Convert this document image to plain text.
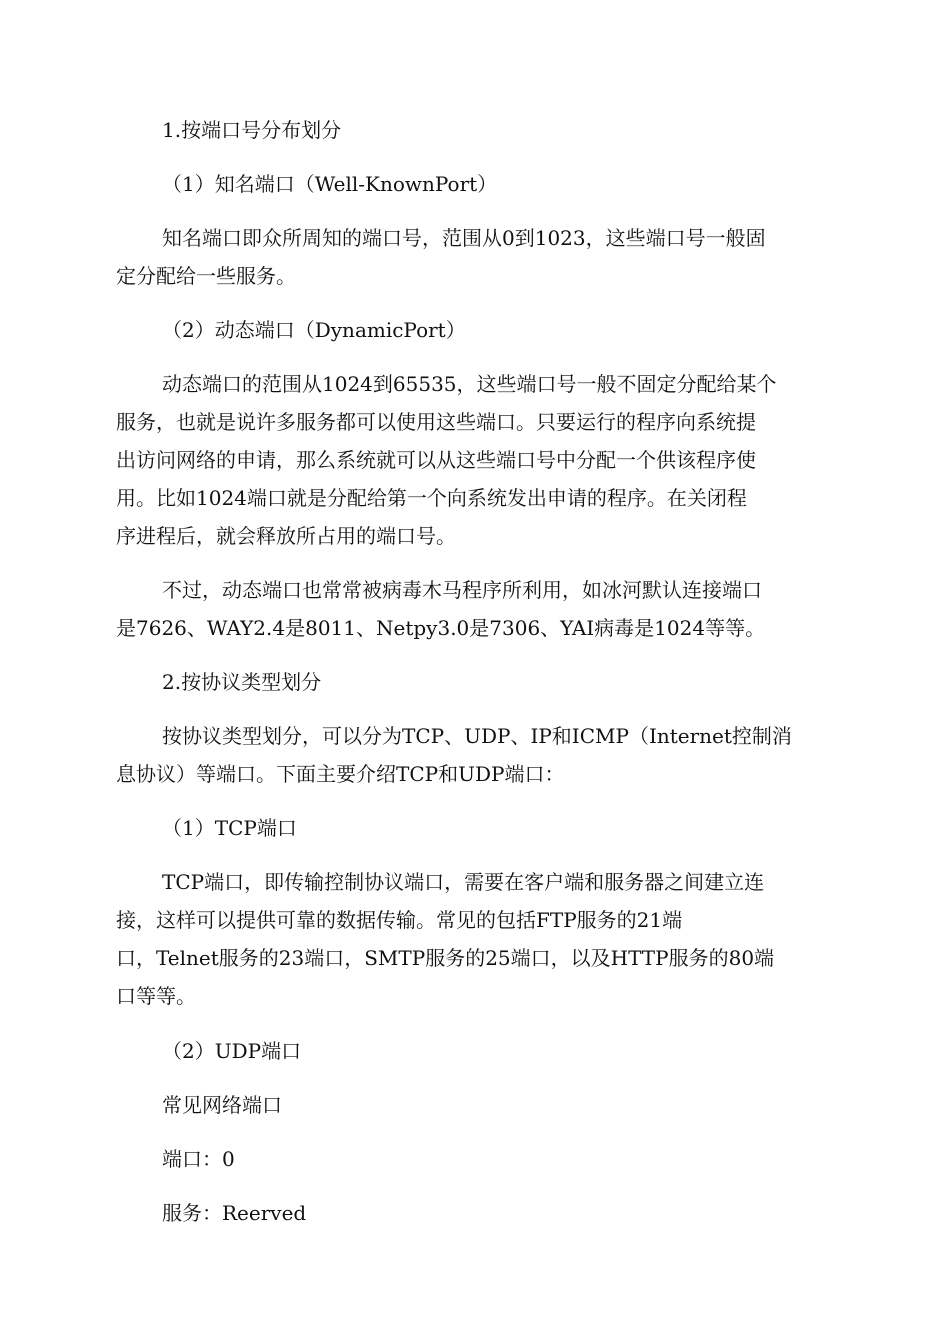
1.按端口号分布划分
（1）知名端口（Well-KnownPort）
知名端口即众所周知的端口号，范围从0到1023，这些端口号一般固
定分配给一些服务。
（2）动态端口（DynamicPort）
动态端口的范围从1024到65535，这些端口号一般不固定分配给某个
服务，也就是说许多服务都可以使用这些端口。只要运行的程序向系统提
出访问网络的申请，那么系统就可以从这些端口号中分配一个供该程序使
用。比如1024端口就是分配给第一个向系统发出申请的程序。在关闭程
序进程后，就会释放所占用的端口号。
不过，动态端口也常常被病毒木马程序所利用，如冰河默认连接端口
是7626、WAY2.4是8011、Netpy3.0是7306、YAI病毒是1024等等。
2.按协议类型划分
按协议类型划分，可以分为TCP、UDP、IP和ICMP（Internet控制消
息协议）等端口。下面主要介绍TCP和UDP端口：
（1）TCP端口
TCP端口，即传输控制协议端口，需要在客户端和服务器之间建立连
接，这样可以提供可靠的数据传输。常见的包括FTP服务的21端
口，Telnet服务的23端口，SMTP服务的25端口，以及HTTP服务的80端
口等等。
（2）UDP端口
常见网络端口
端口：0
服务：Reerved
